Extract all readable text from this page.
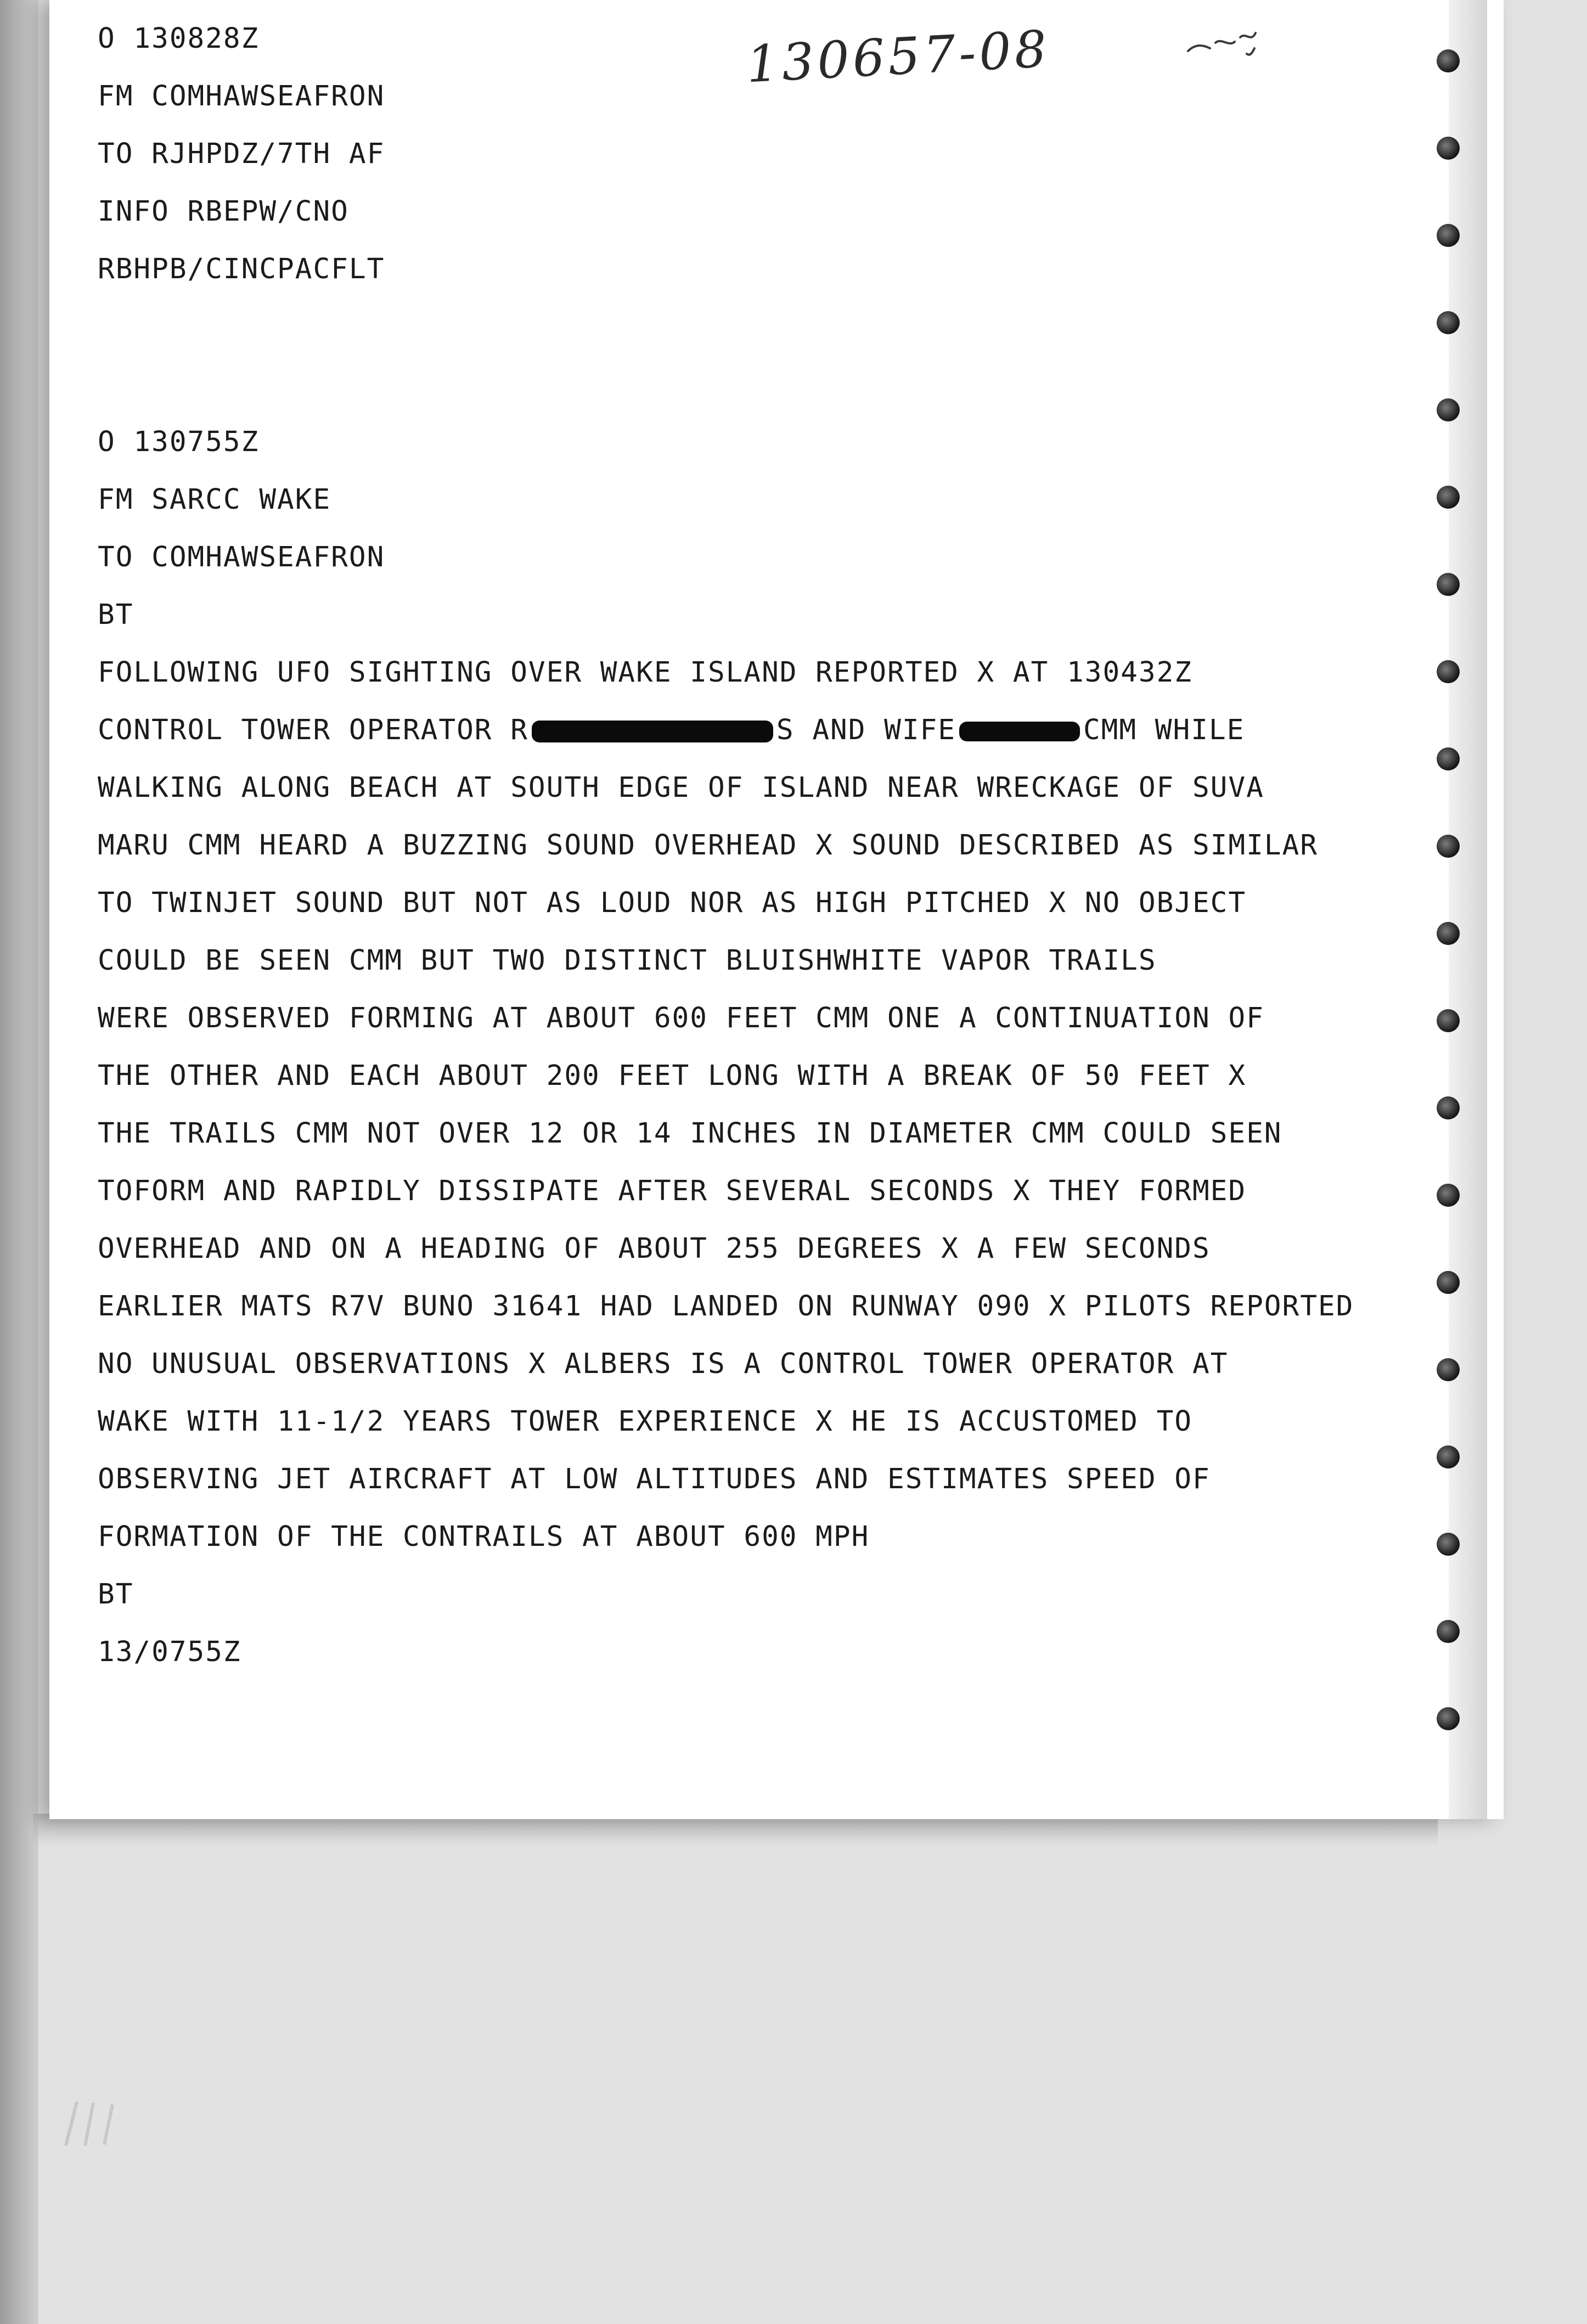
130657-08
O 130828Z
FM COMHAWSEAFRON
TO RJHPDZ/7TH AF
INFO RBEPW/CNO
RBHPB/CINCPACFLT
O 130755Z
FM SARCC WAKE
TO COMHAWSEAFRON
BT
FOLLOWING UFO SIGHTING OVER WAKE ISLAND REPORTED X AT 130432Z
CONTROL TOWER OPERATOR R	S AND WIFE	CMM WHILE
WALKING ALONG BEACH AT SOUTH EDGE OF ISLAND NEAR WRECKAGE OF SUVA
MARU CMM HEARD A BUZZING SOUND OVERHEAD X SOUND DESCRIBED AS SIMILAR
TO TWINJET SOUND BUT NOT AS LOUD NOR AS HIGH PITCHED X NO OBJECT
COULD BE SEEN CMM BUT TWO DISTINCT BLUISHWHITE VAPOR TRAILS
WERE OBSERVED FORMING AT ABOUT 600 FEET CMM ONE A CONTINUATION OF
THE OTHER AND EACH ABOUT 200 FEET LONG WITH A BREAK OF 50 FEET X
THE TRAILS CMM NOT OVER 12 OR 14 INCHES IN DIAMETER CMM COULD SEEN
TOFORM AND RAPIDLY DISSIPATE AFTER SEVERAL SECONDS X THEY FORMED
OVERHEAD AND ON A HEADING OF ABOUT 255 DEGREES X A FEW SECONDS
EARLIER MATS R7V BUNO 31641 HAD LANDED ON RUNWAY 090 X PILOTS REPORTED
NO UNUSUAL OBSERVATIONS X ALBERS IS A CONTROL TOWER OPERATOR AT
WAKE WITH 11-1/2 YEARS TOWER EXPERIENCE X HE IS ACCUSTOMED TO
OBSERVING JET AIRCRAFT AT LOW ALTITUDES AND ESTIMATES SPEED OF
FORMATION OF THE CONTRAILS AT ABOUT 600 MPH
BT
13/0755Z
